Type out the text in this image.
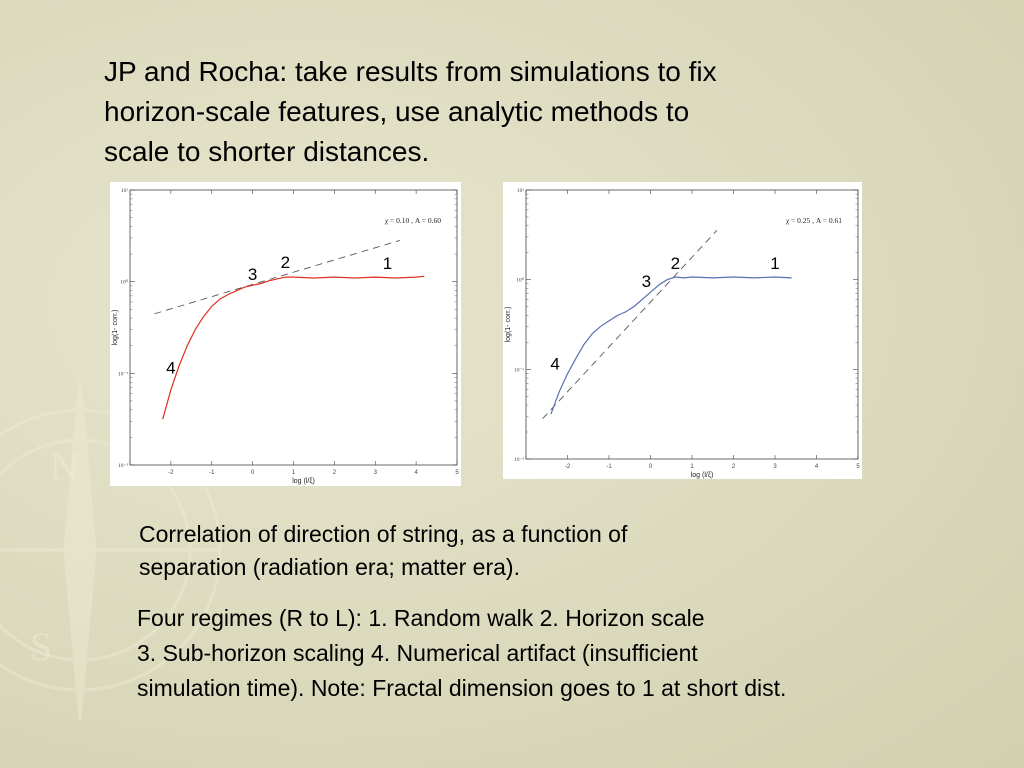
N
S
JP and Rocha: take results from simulations to fix
horizon-scale features, use analytic methods to
scale to shorter distances.
-2	-1	0	1	2	3	4	5
10⁻²
10⁻¹
10⁰
10¹
log (l/ξ)
log(1- corr.)
χ = 0.10 , A = 0.60
1
2
3
4
-2	-1	0	1	2	3	4	5
10⁻²
10⁻¹
10⁰
10¹
log (l/ξ)
log(1- corr.)
χ = 0.25 , A = 0.61
1
2
3
4
Correlation of direction of string, as a function of
separation (radiation era; matter era).
Four regimes (R to L): 1. Random walk 2. Horizon scale
3. Sub-horizon scaling 4. Numerical artifact (insufficient
simulation time). Note: Fractal dimension goes to 1 at short dist.
